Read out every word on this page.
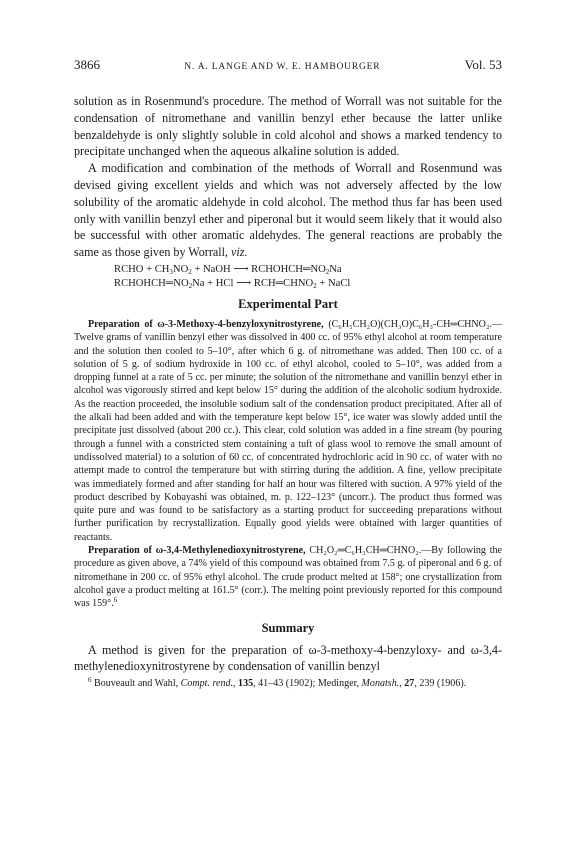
3866	N. A. LANGE AND W. E. HAMBOURGER	Vol. 53

solution as in Rosenmund's procedure. The method of Worrall was not suitable for the condensation of nitromethane and vanillin benzyl ether because the latter unlike benzaldehyde is only slightly soluble in cold alcohol and shows a marked tendency to precipitate unchanged when the aqueous alkaline solution is added.

A modification and combination of the methods of Worrall and Rosenmund was devised giving excellent yields and which was not adversely affected by the low solubility of the aromatic aldehyde in cold alcohol. The method thus far has been used only with vanillin benzyl ether and piperonal but it would seem likely that it would also be successful with other aromatic aldehydes. The general reactions are probably the same as those given by Worrall, viz.

RCHO + $CH_3NO_2$ + NaOH ⟶ $RCHOHCH═NO_2Na$
$RCHOHCH═NO_2Na$ + HCl ⟶ $RCH═CHNO_2$ + NaCl
Experimental Part

Preparation of ω-3-Methoxy-4-benzyloxynitrostyrene, (C₆H₅CH₂O)(CH₃O)C₆H₃-CH═CHNO₂.—Twelve grams of vanillin benzyl ether was dissolved in 400 cc. of 95% ethyl alcohol at room temperature and the solution then cooled to 5–10°, after which 6 g. of nitromethane was added. Then 100 cc. of a solution of 5 g. of sodium hydroxide in 100 cc. of ethyl alcohol, cooled to 5–10°, was added from a dropping funnel at a rate of 5 cc. per minute; the solution of the nitromethane and vanillin benzyl ether in alcohol was vigorously stirred and kept below 15° during the addition of the alcoholic sodium hydroxide. As the reaction proceeded, the insoluble sodium salt of the condensation product precipitated. After all of the alkali had been added and with the temperature kept below 15°, ice water was slowly added until the precipitate just dissolved (about 200 cc.). This clear, cold solution was added in a fine stream (by pouring through a funnel with a constricted stem containing a tuft of glass wool to remove the small amount of undissolved material) to a solution of 60 cc. of concentrated hydrochloric acid in 90 cc. of water with no attempt made to control the temperature but with stirring during the addition. A fine, yellow precipitate was immediately formed and after standing for half an hour was filtered with suction. A 97% yield of the product described by Kobayashi was obtained, m. p. 122–123° (uncorr.). The product thus formed was quite pure and was found to be satisfactory as a starting product for succeeding preparations without further purification by recrystallization. Equally good yields were obtained with larger quantities of reactants.

Preparation of ω-3,4-Methylenedioxynitrostyrene, CH₂O₂═C₆H₃CH═CHNO₂.—By following the procedure as given above, a 74% yield of this compound was obtained from 7.5 g. of piperonal and 6 g. of nitromethane in 200 cc. of 95% ethyl alcohol. The crude product melted at 158°; one crystallization from alcohol gave a product melting at 161.5° (corr.). The melting point previously reported for this compound was 159°.$^6$

Summary

A method is given for the preparation of ω-3-methoxy-4-benzyloxy- and ω-3,4-methylenedioxynitrostyrene by condensation of vanillin benzyl

$^6$ Bouveault and Wahl, Compt. rend., 135, 41–43 (1902); Medinger, Monatsh., 27, 239 (1906).
